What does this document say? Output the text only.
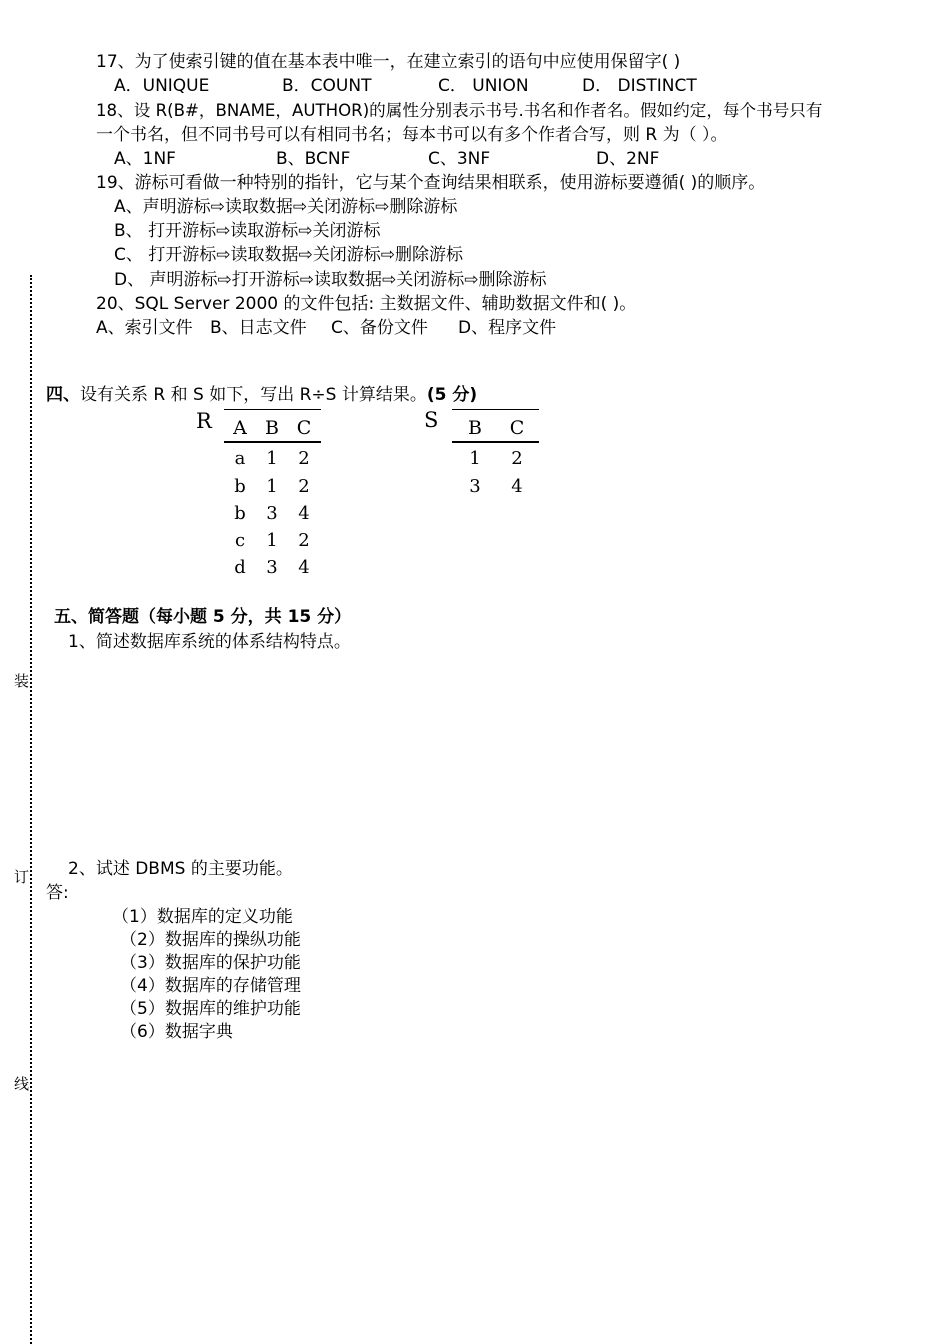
装
订
线
17、为了使索引键的值在基本表中唯一，在建立索引的语句中应使用保留字( )
A．UNIQUE	B．COUNT	C． UNION	D． DISTINCT
18、设 R(B#，BNAME，AUTHOR)的属性分别表示书号.书名和作者名。假如约定，每个书号只有
一个书名，但不同书号可以有相同书名；每本书可以有多个作者合写，则 R 为（ ）。
A、1NF	B、BCNF	C、3NF	D、2NF
19、游标可看做一种特别的指针，它与某个查询结果相联系，使用游标要遵循( )的顺序。
A、声明游标⇨读取数据⇨关闭游标⇨删除游标
B、 打开游标⇨读取游标⇨关闭游标
C、 打开游标⇨读取数据⇨关闭游标⇨删除游标
D、 声明游标⇨打开游标⇨读取数据⇨关闭游标⇨删除游标
20、SQL Server 2000 的文件包括: 主数据文件、辅助数据文件和( )。
A、索引文件 B、日志文件 C、备份文件 D、程序文件
四、设有关系 R 和 S 如下，写出 R÷S 计算结果。(5 分)
R	A B C
a	1	2
b	1	2
b	3	4
c	1	2
d	3	4
S	B	C
1	2
3	4
五、简答题（每小题 5 分，共 15 分）
1、简述数据库系统的体系结构特点。
2、试述 DBMS 的主要功能。
答:
（1）数据库的定义功能
（2）数据库的操纵功能
（3）数据库的保护功能
（4）数据库的存储管理
（5）数据库的维护功能
（6）数据字典
